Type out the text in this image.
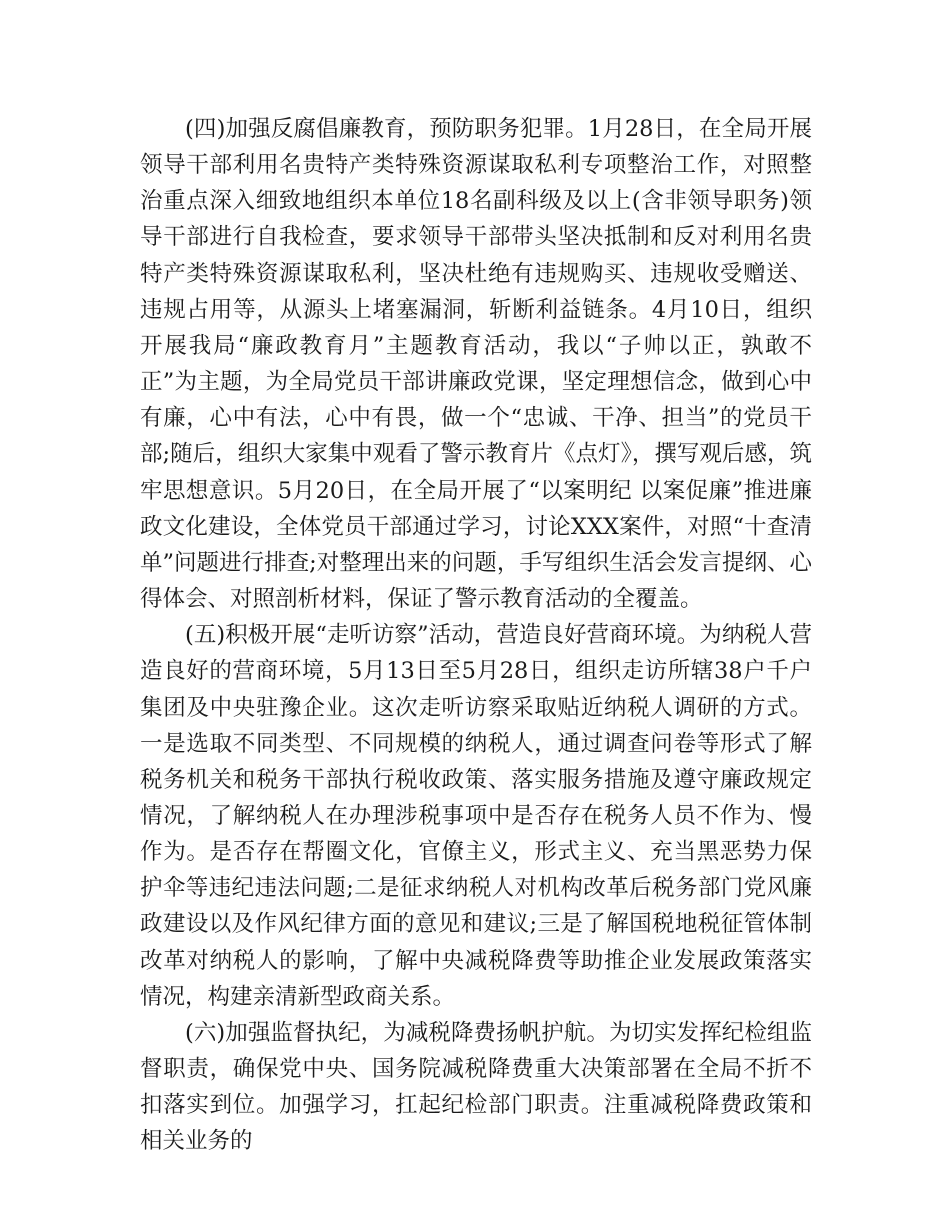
(四)加强反腐倡廉教育，预防职务犯罪。1月28日，在全局开展领导干部利用名贵特产类特殊资源谋取私利专项整治工作，对照整治重点深入细致地组织本单位18名副科级及以上(含非领导职务)领导干部进行自我检查，要求领导干部带头坚决抵制和反对利用名贵特产类特殊资源谋取私利，坚决杜绝有违规购买、违规收受赠送、违规占用等，从源头上堵塞漏洞，斩断利益链条。4月10日，组织开展我局“廉政教育月”主题教育活动，我以“子帅以正，孰敢不正”为主题，为全局党员干部讲廉政党课，坚定理想信念，做到心中有廉，心中有法，心中有畏，做一个“忠诚、干净、担当”的党员干部;随后，组织大家集中观看了警示教育片《点灯》，撰写观后感，筑牢思想意识。5月20日，在全局开展了“以案明纪 以案促廉”推进廉政文化建设，全体党员干部通过学习，讨论XXX案件，对照“十查清单”问题进行排查;对整理出来的问题，手写组织生活会发言提纲、心得体会、对照剖析材料，保证了警示教育活动的全覆盖。

(五)积极开展“走听访察”活动，营造良好营商环境。为纳税人营造良好的营商环境，5月13日至5月28日，组织走访所辖38户千户集团及中央驻豫企业。这次走听访察采取贴近纳税人调研的方式。一是选取不同类型、不同规模的纳税人，通过调查问卷等形式了解税务机关和税务干部执行税收政策、落实服务措施及遵守廉政规定情况，了解纳税人在办理涉税事项中是否存在税务人员不作为、慢作为。是否存在帮圈文化，官僚主义，形式主义、充当黑恶势力保护伞等违纪违法问题;二是征求纳税人对机构改革后税务部门党风廉政建设以及作风纪律方面的意见和建议;三是了解国税地税征管体制改革对纳税人的影响，了解中央减税降费等助推企业发展政策落实情况，构建亲清新型政商关系。

(六)加强监督执纪，为减税降费扬帆护航。为切实发挥纪检组监督职责，确保党中央、国务院减税降费重大决策部署在全局不折不扣落实到位。加强学习，扛起纪检部门职责。注重减税降费政策和相关业务的
